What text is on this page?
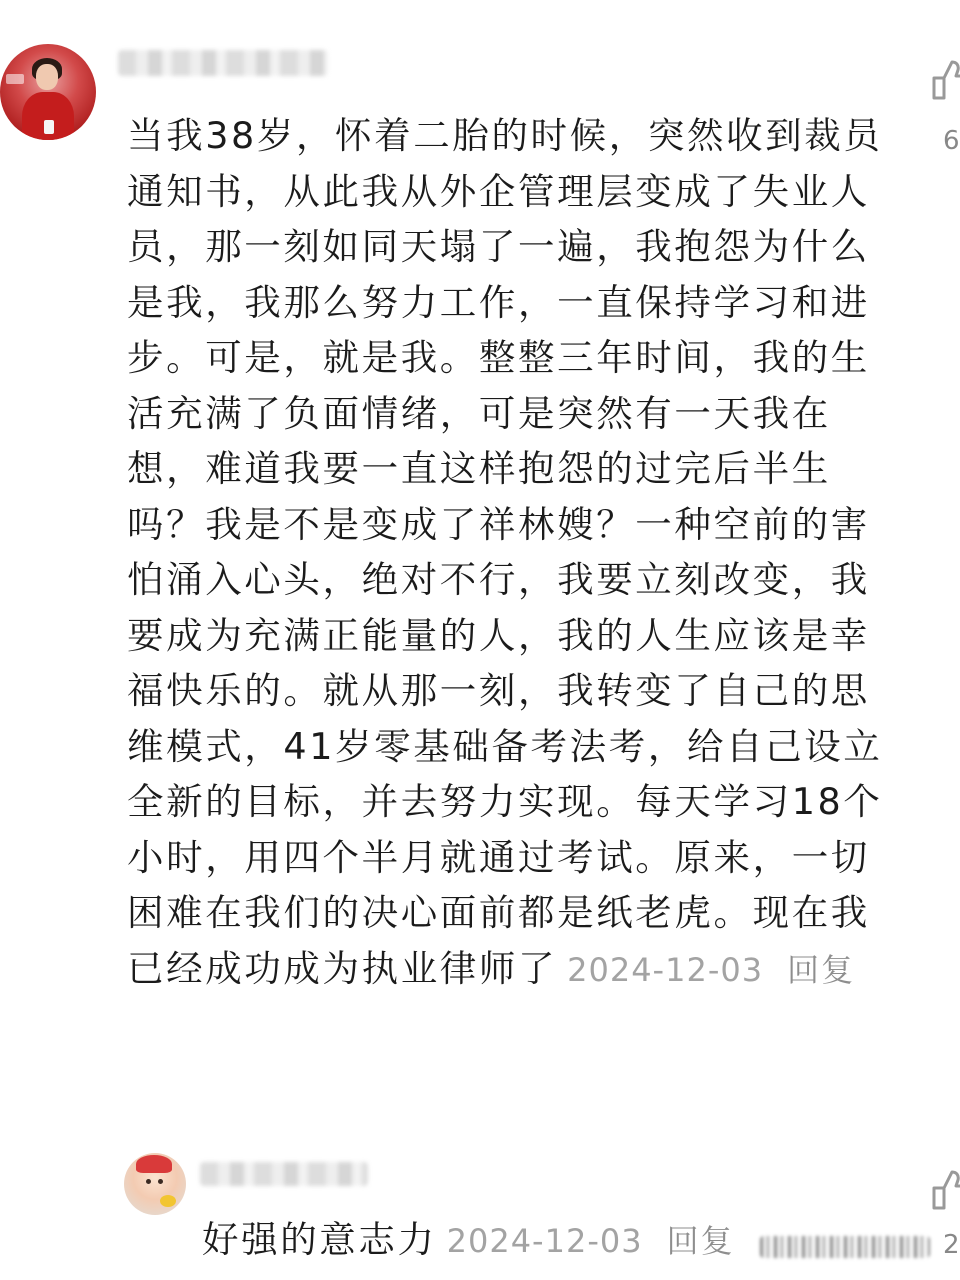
当我38岁，怀着二胎的时候，突然收到裁员通知书，从此我从外企管理层变成了失业人员，那一刻如同天塌了一遍，我抱怨为什么是我，我那么努力工作，一直保持学习和进步。可是，就是我。整整三年时间，我的生活充满了负面情绪，可是突然有一天我在想，难道我要一直这样抱怨的过完后半生吗？我是不是变成了祥林嫂？一种空前的害怕涌入心头，绝对不行，我要立刻改变，我要成为充满正能量的人，我的人生应该是幸福快乐的。就从那一刻，我转变了自己的思维模式，41岁零基础备考法考，给自己设立全新的目标，并去努力实现。每天学习18个小时，用四个半月就通过考试。原来，一切困难在我们的决心面前都是纸老虎。现在我已经成功成为执业律师了 2024-12-03 回复
6
好强的意志力 2024-12-03 回复	2
